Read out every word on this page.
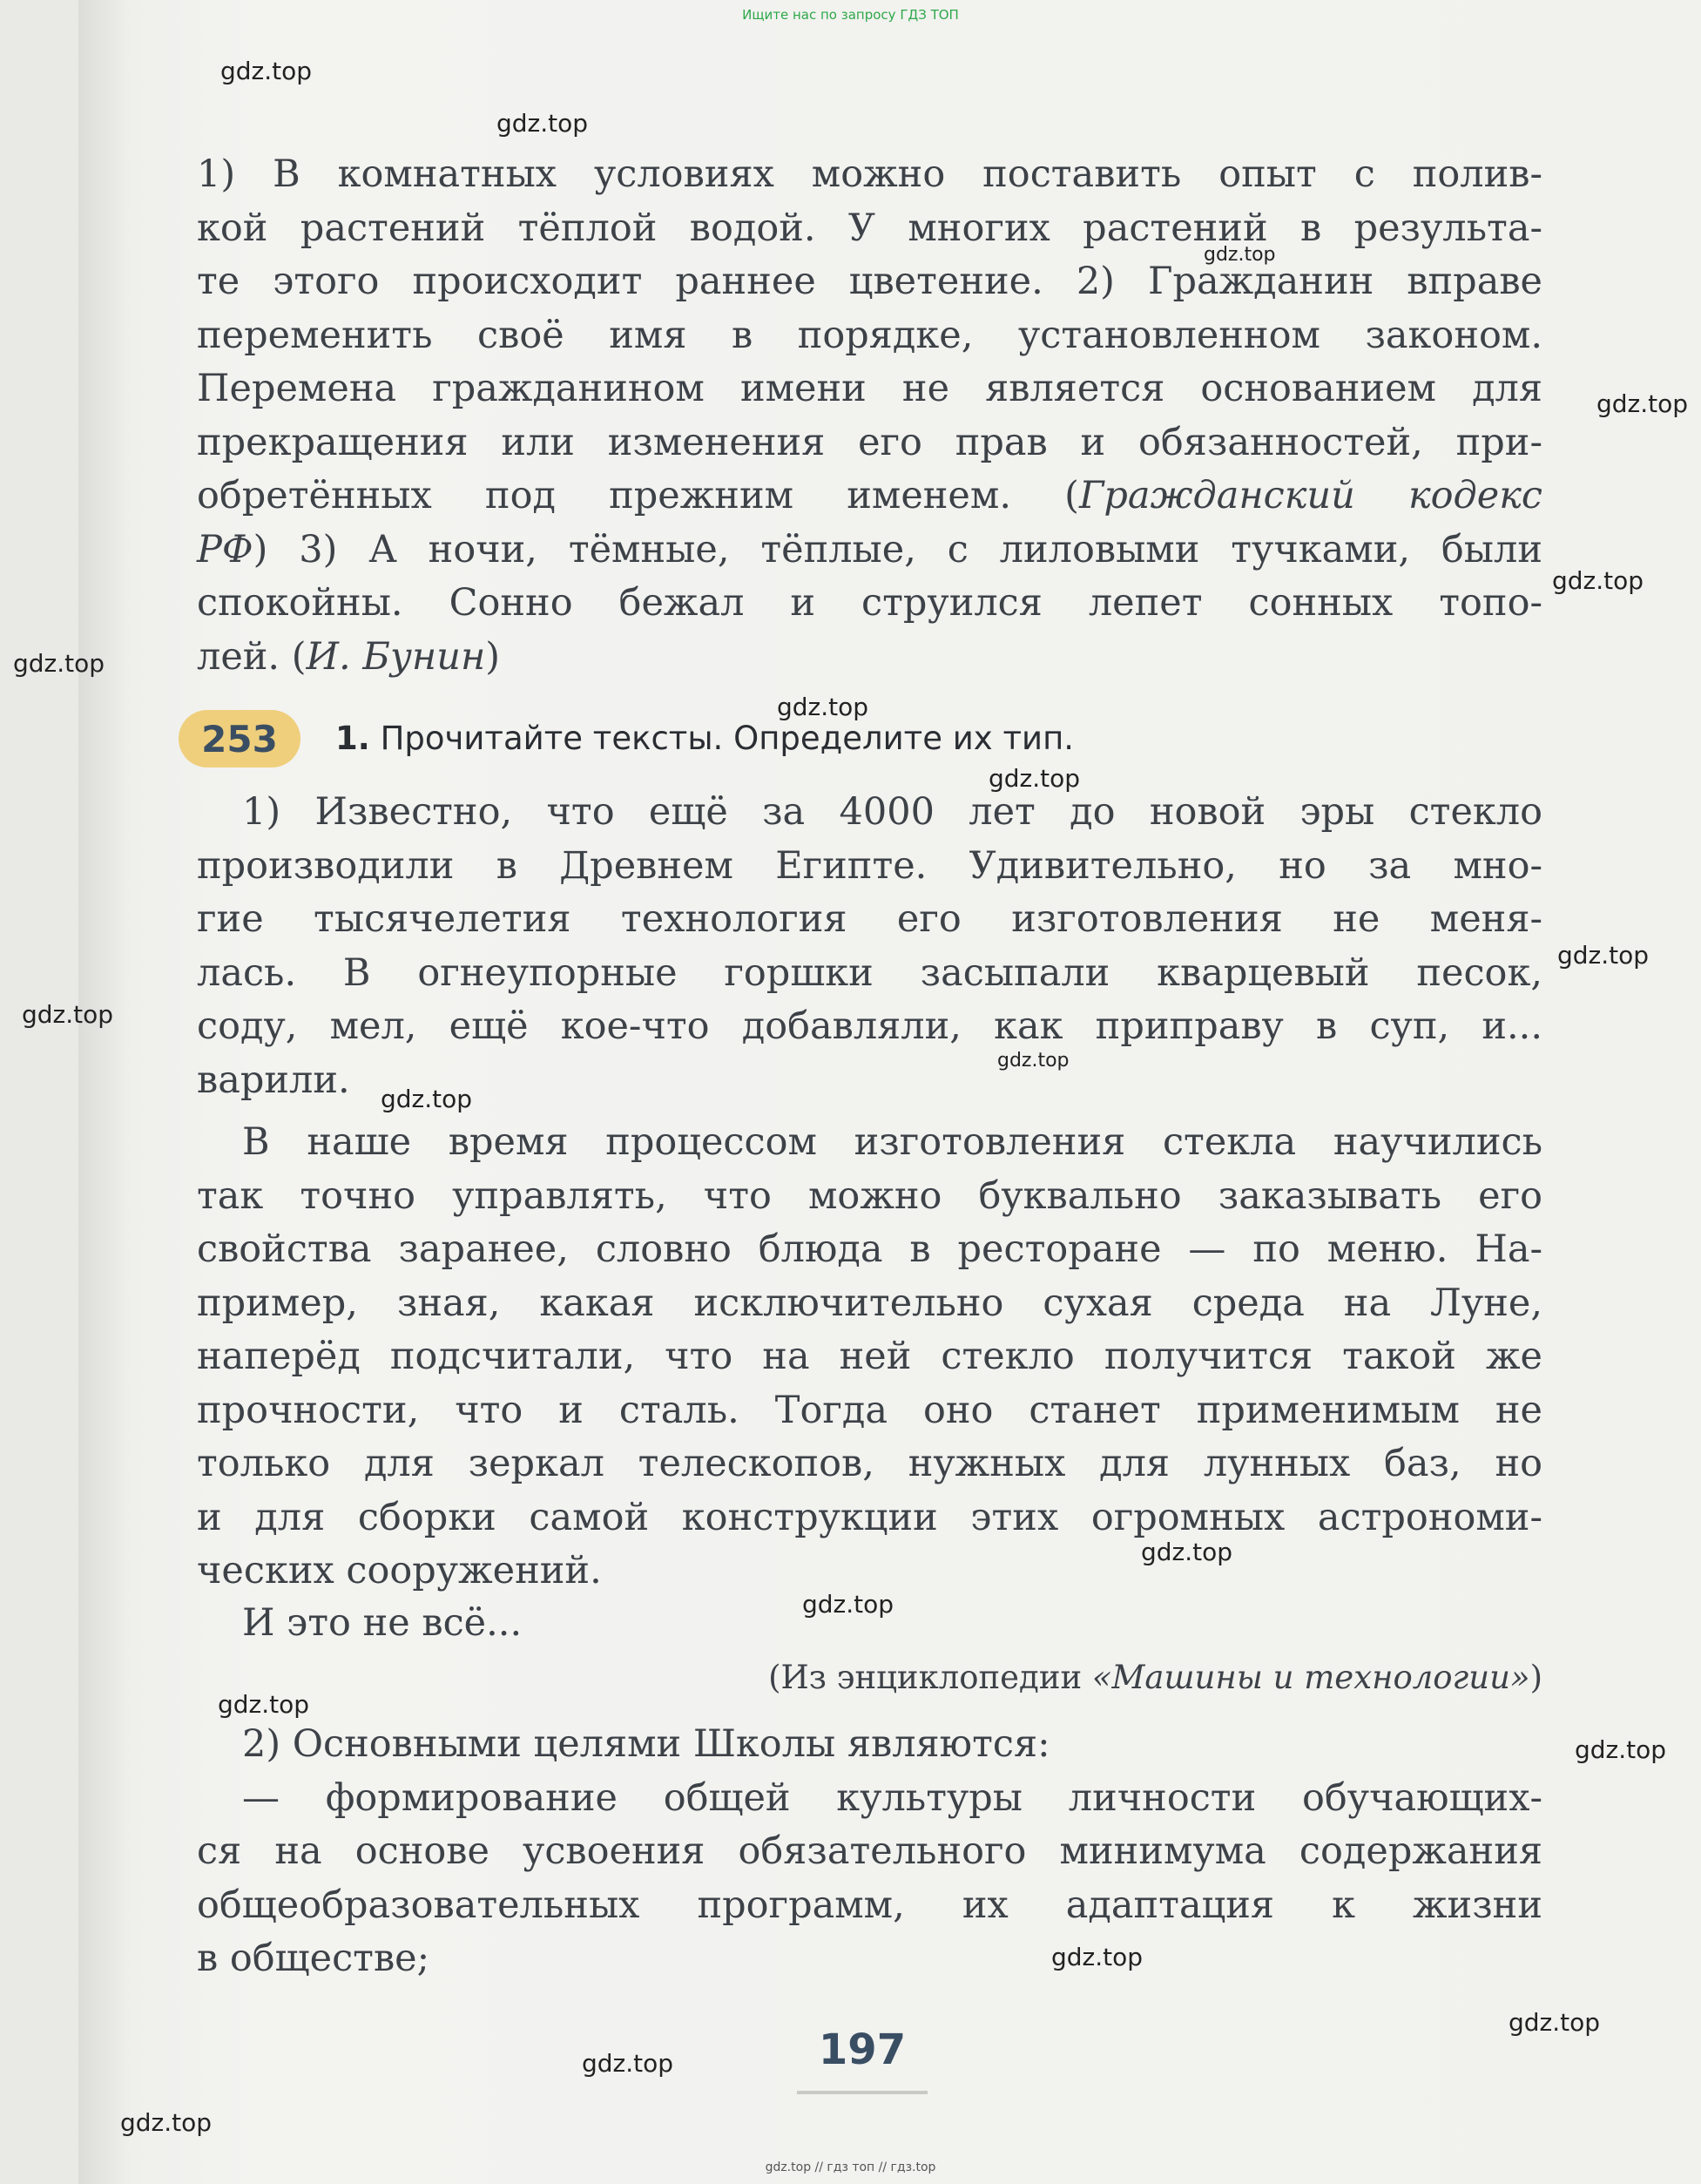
Ищите нас по запросу ГДЗ ТОП
gdz.top
gdz.top
gdz.top
gdz.top
gdz.top
gdz.top
gdz.top
gdz.top
gdz.top
gdz.top
gdz.top
gdz.top
gdz.top
gdz.top
gdz.top
gdz.top
gdz.top
gdz.top
gdz.top
gdz.top
1) В комнатных условиях можно поставить опыт с полив-
кой растений тёплой водой. У многих растений в результа-
те этого происходит раннее цветение. 2) Гражданин вправе
переменить своё имя в порядке, установленном законом.
Перемена гражданином имени не является основанием для
прекращения или изменения его прав и обязанностей, при-
обретённых под прежним именем. (Гражданский кодекс
РФ) 3) А ночи, тёмные, тёплые, с лиловыми тучками, были
спокойны. Сонно бежал и струился лепет сонных топо-
лей. (И. Бунин)
253	1. Прочитайте тексты. Определите их тип.
1) Известно, что ещё за 4000 лет до новой эры стекло
производили в Древнем Египте. Удивительно, но за мно-
гие тысячелетия технология его изготовления не меня-
лась. В огнеупорные горшки засыпали кварцевый песок,
соду, мел, ещё кое-что добавляли, как приправу в суп, и...
варили.
В наше время процессом изготовления стекла научились
так точно управлять, что можно буквально заказывать его
свойства заранее, словно блюда в ресторане — по меню. На-
пример, зная, какая исключительно сухая среда на Луне,
наперёд подсчитали, что на ней стекло получится такой же
прочности, что и сталь. Тогда оно станет применимым не
только для зеркал телескопов, нужных для лунных баз, но
и для сборки самой конструкции этих огромных астрономи-
ческих сооружений.
И это не всё...
(Из энциклопедии «Машины и технологии»)
2) Основными целями Школы являются:
— формирование общей культуры личности обучающих-
ся на основе усвоения обязательного минимума содержания
общеобразовательных программ, их адаптация к жизни
в обществе;
197
gdz.top // гдз топ // гдз.top
